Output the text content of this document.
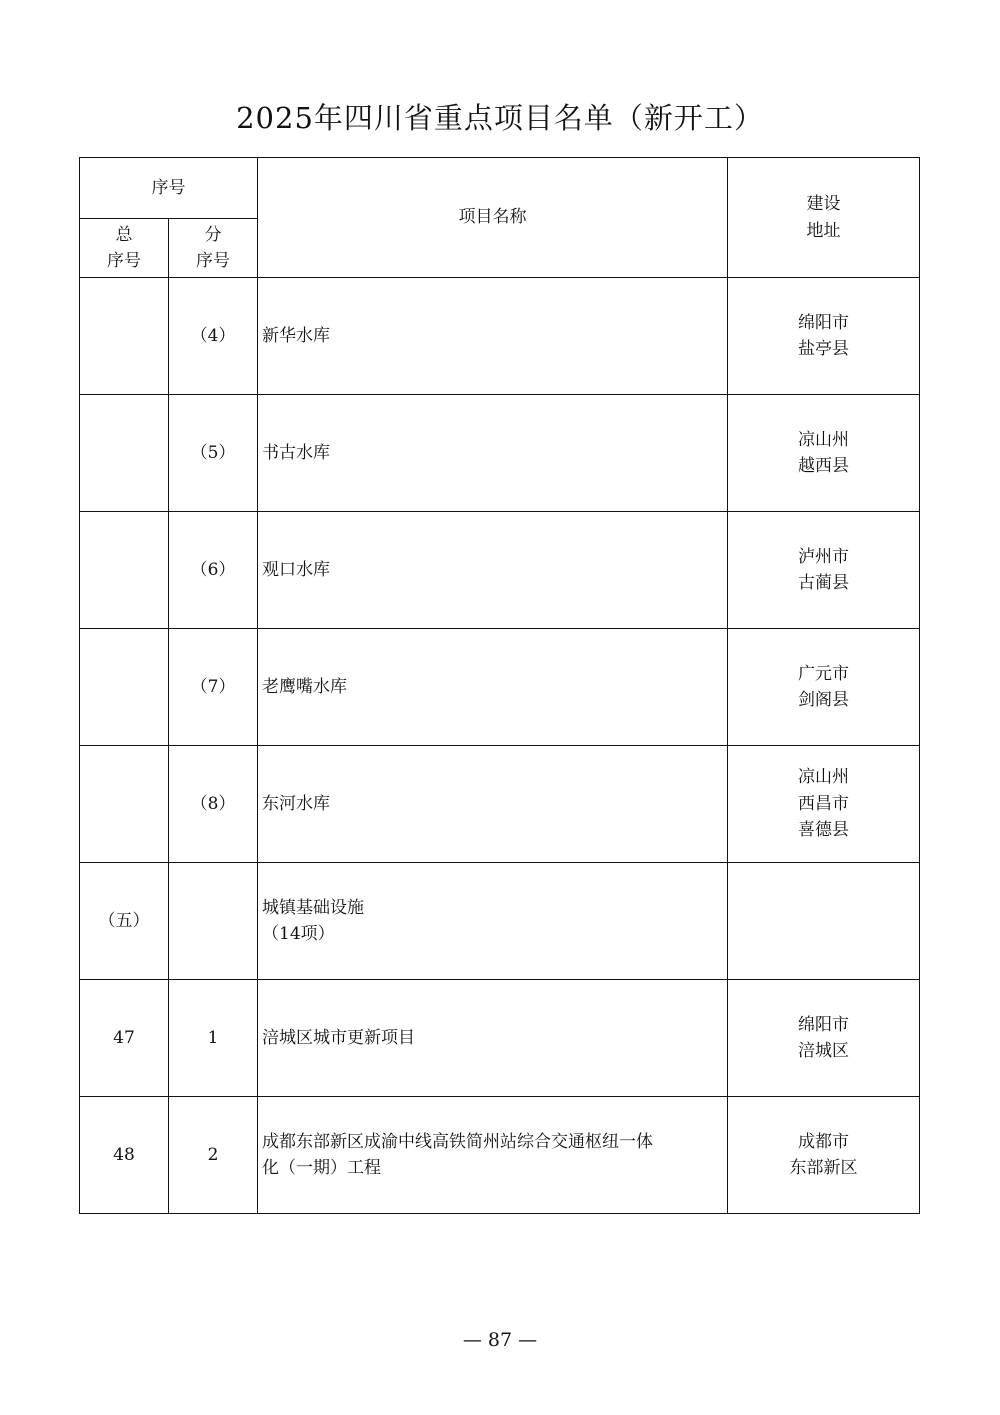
2025年四川省重点项目名单（新开工）
序号		项目名称	建设
地址

总
序号	分
序号		

	（4）	新华水库	绵阳市
盐亭县

	（5）	书古水库	凉山州
越西县

	（6）	观口水库	泸州市
古蔺县

	（7）	老鹰嘴水库	广元市
剑阁县

	（8）	东河水库	凉山州
西昌市
喜德县

（五）		城镇基础设施
（14项）	

47	1	涪城区城市更新项目	绵阳市
涪城区

48	2	成都东部新区成渝中线高铁简州站综合交通枢纽一体
化（一期）工程	成都市
东部新区
— 87 —
